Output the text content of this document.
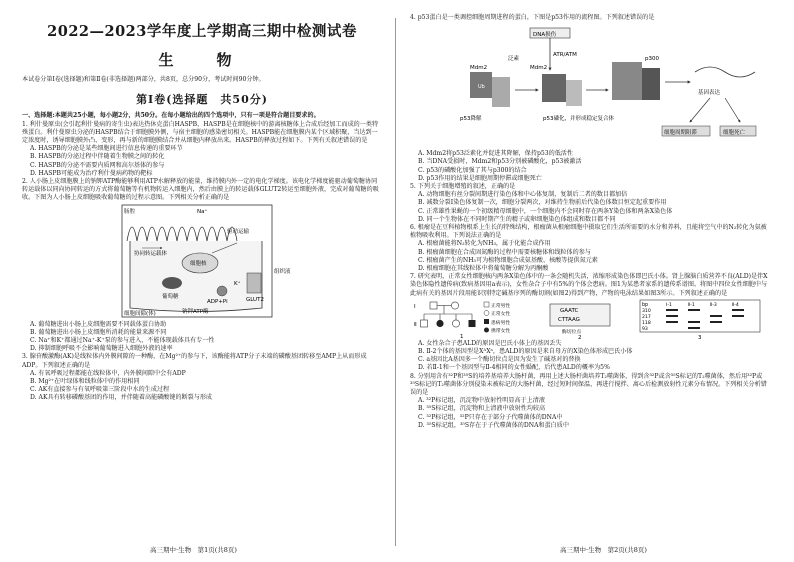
2022—2023学年度上学期高三期中检测试卷
生　物

本试卷分第Ⅰ卷(选择题)和第Ⅱ卷(非选择题)两部分，共8页，总分90分，考试时间90分钟。

第Ⅰ卷(选择题　共50分)

一、选择题:本题共25小题，每小题2分，共50分。在每小题给出的四个选项中，只有一项是符合题目要求的。

1. 利什曼原虫(会引起利什曼病的寄生虫)表达热休克蛋白HASPB，HASPB是在细胞核中的游离核糖体上合成后经加工而成的一类特殊蛋白。利什曼原虫分泌的HASPB结合于细胞膜外侧，与宿主细胞的感染密切相关。HASPB能在细胞膜内某个区域积聚，当达到一定浓度时，诱导细胞膜外凸、变形，再与新的细胞膜结合并从细胞内释放出来。HASPB的释放过程如下。下列有关叙述错误的是

A. HASPB的分泌是某些细胞间进行信息传递的重要环节

B. HASPB的分泌过程中伴随着生物膜之间的转化

C. HASPB的分泌不需要内质网和高尔基体的参与

D. HASPB可能成为治疗利什曼病药物的靶标

2. 人小肠上皮细胞膜上的钠钾ATP酶能够利用ATP水解释放的能量，维持膜内外一定的电化学梯度。该电化学梯度能驱动葡萄糖协同转运载体以同向协同转运的方式将葡萄糖等有机物转运入细胞内，然后由膜上的转运载体GLUT2转运至细胞外液，完成对葡萄糖的吸收。下图为人小肠上皮细胞吸收葡萄糖的过程示意图。下列相关分析正确的是

肠腔	Na⁺
协同转运载体
驱动运输
细胞核
葡萄糖
ADP+Pi
K⁺
GLUT2
钠钾ATP酶
细胞间隙(体)
组织液

A. 葡萄糖进出小肠上皮细胞需要不同载体蛋白协助

B. 葡萄糖进出小肠上皮细胞所消耗的能量来源不同

C. Na⁺和K⁺都通过Na⁺-K⁺泵的参与进入，不能体现载体具有专一性

D. 抑制细胞呼吸不会影响葡萄糖进入细胞外液的速率

3. 腺苷酸激酶(AK)是线粒体内外膜间隙的一种酶，在Mg²⁺的参与下，该酶能将ATP分子末端的磷酸基团转移至AMP上从而形成ADP。下列叙述正确的是

A. 有氧呼吸过程都能在线粒体中，内外膜间隙中会有ADP

B. Mg²⁺在叶绿体和线粒体中的作用相同

C. AK有直接参与有氧呼吸第三阶段中水的生成过程

D. AK具有转移磷酸基团的作用，并伴随着高能磷酸键的断裂与形成

4. p53蛋白是一类调控细胞周期进程的蛋白，下图是p53作用的流程图。下列叙述错误的是

DNA损伤
ATR/ATM
泛素
Mdm2
p53降解
Mdm2
p53磷化，并形成稳定复合体
p300
基因表达
细胞周期阻滞	细胞死亡
Ub

A. Mdm2将p53泛素化并促进其降解，保持p53的低活性

B. 当DNA受损时，Mdm2和p53分别被磷酸化，p53被激活

C. p53的磷酸化加强了其与p300的结合

D. p53作用的结果是细胞周期停滞或细胞死亡

5. 下列关于细胞增殖的叙述，正确的是

A. 动物细胞有丝分裂间期进行染色体和中心体复制，复制后二者的数目都加倍

B. 减数分裂Ⅰ染色体复制一次，细胞分裂两次，对维持生物前后代染色体数目恒定起重要作用

C. 正常雄性果蝇的一个初级精母细胞中，一个细胞内不会同时存在两条Y染色体和两条X染色体

D. 同一个生物体在不同时期产生的精子或卵细胞染色体组成和数目都不同

6. 根瘤是在豆科植物根系上生长的特殊结构，根瘤菌从根瘤细胞中摄取它们生活所需要的水分和养料，且能将空气中的N₂转化为氨被植物吸收利用。下列说法正确的是

A. 根瘤菌能将N₂转化为NH₃，属于化能合成作用

B. 根瘤菌细胞在合成固氮酶的过程中需要核糖体和线粒体的参与

C. 根瘤菌产生的NH₃可为植物细胞合成氨基酸、核酸等提供氮元素

D. 根瘤细胞在其线粒体中将葡萄糖分解为丙酮酸

7. 研究表明，正常女性细胞核内两条X染色体中的一条会随机失活，浓缩形成染色体即巴氏小体。肾上腺脑白质营养不良(ALD)是伴X染色体隐性遗传病(致病基因用a表示)，女性杂合子中有5%的个体会患病。图1为某患者家系的遗传系谱图。将图中四位女性细胞中与此病有关的基因片段用能识别特定碱基序列的酶切割(如图2)得到产物，产物的电泳结果如图3所示。下列叙述正确的是

Ⅰ
Ⅱ
正常男性
正常女性
患病男性
携带女性
1
GAATC
CTTAAG
酶切位点
2
bp
310
217
118
93
Ⅰ-1	Ⅱ-1	Ⅱ-3	Ⅱ-4
3

A. 女性杂合子患ALD的原因是巴氏小体上的基因丢失

B. Ⅱ-2个体的基因型是XᴬXᵃ，患ALD的原因是来自母方的X染色体形成巴氏小体

C. a基因比A基因多一个酶切位点是因为发生了碱基对的替换

D. 若Ⅱ-1和一个基因型与Ⅱ-4相同的女性婚配，后代患ALD的概率为5%

8. 分别用含有³²P和³⁵S的培养基培养大肠杆菌，再用上述大肠杆菌培养T₂噬菌体，得到含³²P或含³⁵S标记的T₂噬菌体，然后用³²P或³⁵S标记的T₂噬菌体分别侵染未被标记的大肠杆菌，经过短时间保温，再进行搅拌、离心后检测放射性元素分布情况。下列相关分析错误的是

A. ³²P标记组，沉淀物中放射性明显高于上清液

B. ³⁵S标记组，沉淀物和上清液中放射性均较高

C. ³²P标记组，³²P只存在于部分子代噬菌体的DNA中

D. ³⁵S标记组，³⁵S存在于子代噬菌体的DNA和蛋白质中

高三期中·生物　第1页(共8页)	高三期中·生物　第2页(共8页)
